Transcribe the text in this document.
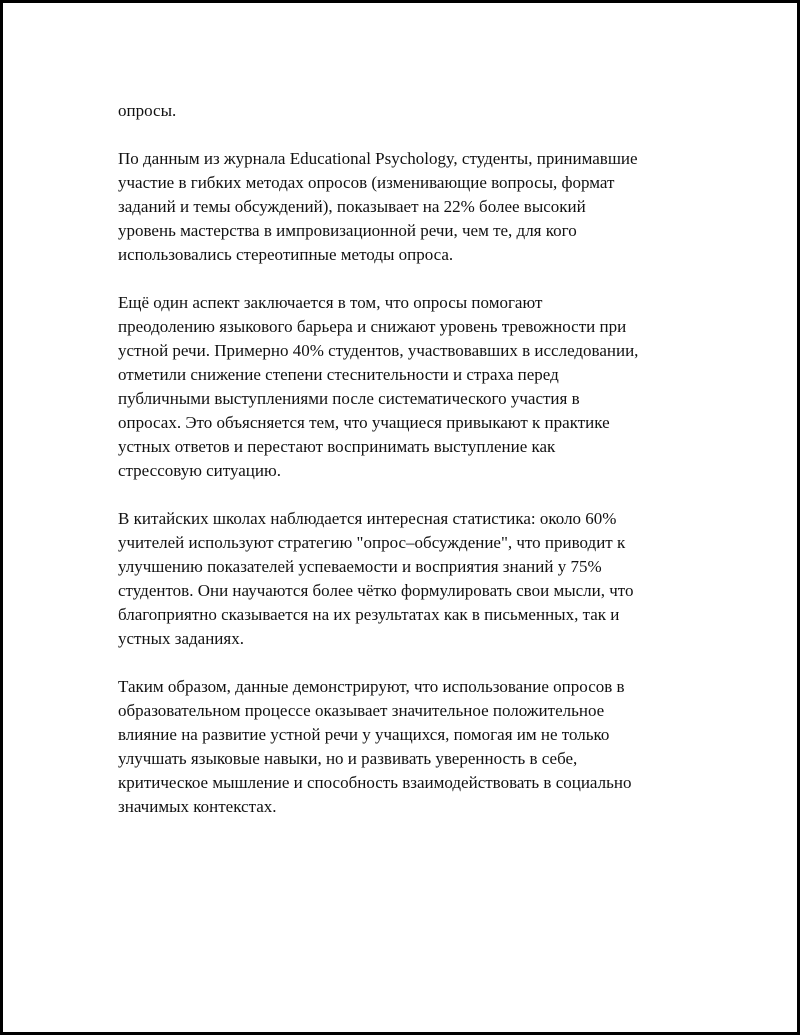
опросы.

По данным из журнала Educational Psychology, студенты, принимавшие
участие в гибких методах опросов (изменивающие вопросы, формат
заданий и темы обсуждений), показывает на 22% более высокий
уровень мастерства в импровизационной речи, чем те, для кого
использовались стереотипные методы опроса.

Ещё один аспект заключается в том, что опросы помогают
преодолению языкового барьера и снижают уровень тревожности при
устной речи. Примерно 40% студентов, участвовавших в исследовании,
отметили снижение степени стеснительности и страха перед
публичными выступлениями после систематического участия в
опросах. Это объясняется тем, что учащиеся привыкают к практике
устных ответов и перестают воспринимать выступление как
стрессовую ситуацию.

В китайских школах наблюдается интересная статистика: около 60%
учителей используют стратегию "опрос–обсуждение", что приводит к
улучшению показателей успеваемости и восприятия знаний у 75%
студентов. Они научаются более чётко формулировать свои мысли, что
благоприятно сказывается на их результатах как в письменных, так и
устных заданиях.

Таким образом, данные демонстрируют, что использование опросов в
образовательном процессе оказывает значительное положительное
влияние на развитие устной речи у учащихся, помогая им не только
улучшать языковые навыки, но и развивать уверенность в себе,
критическое мышление и способность взаимодействовать в социально
значимых контекстах.
